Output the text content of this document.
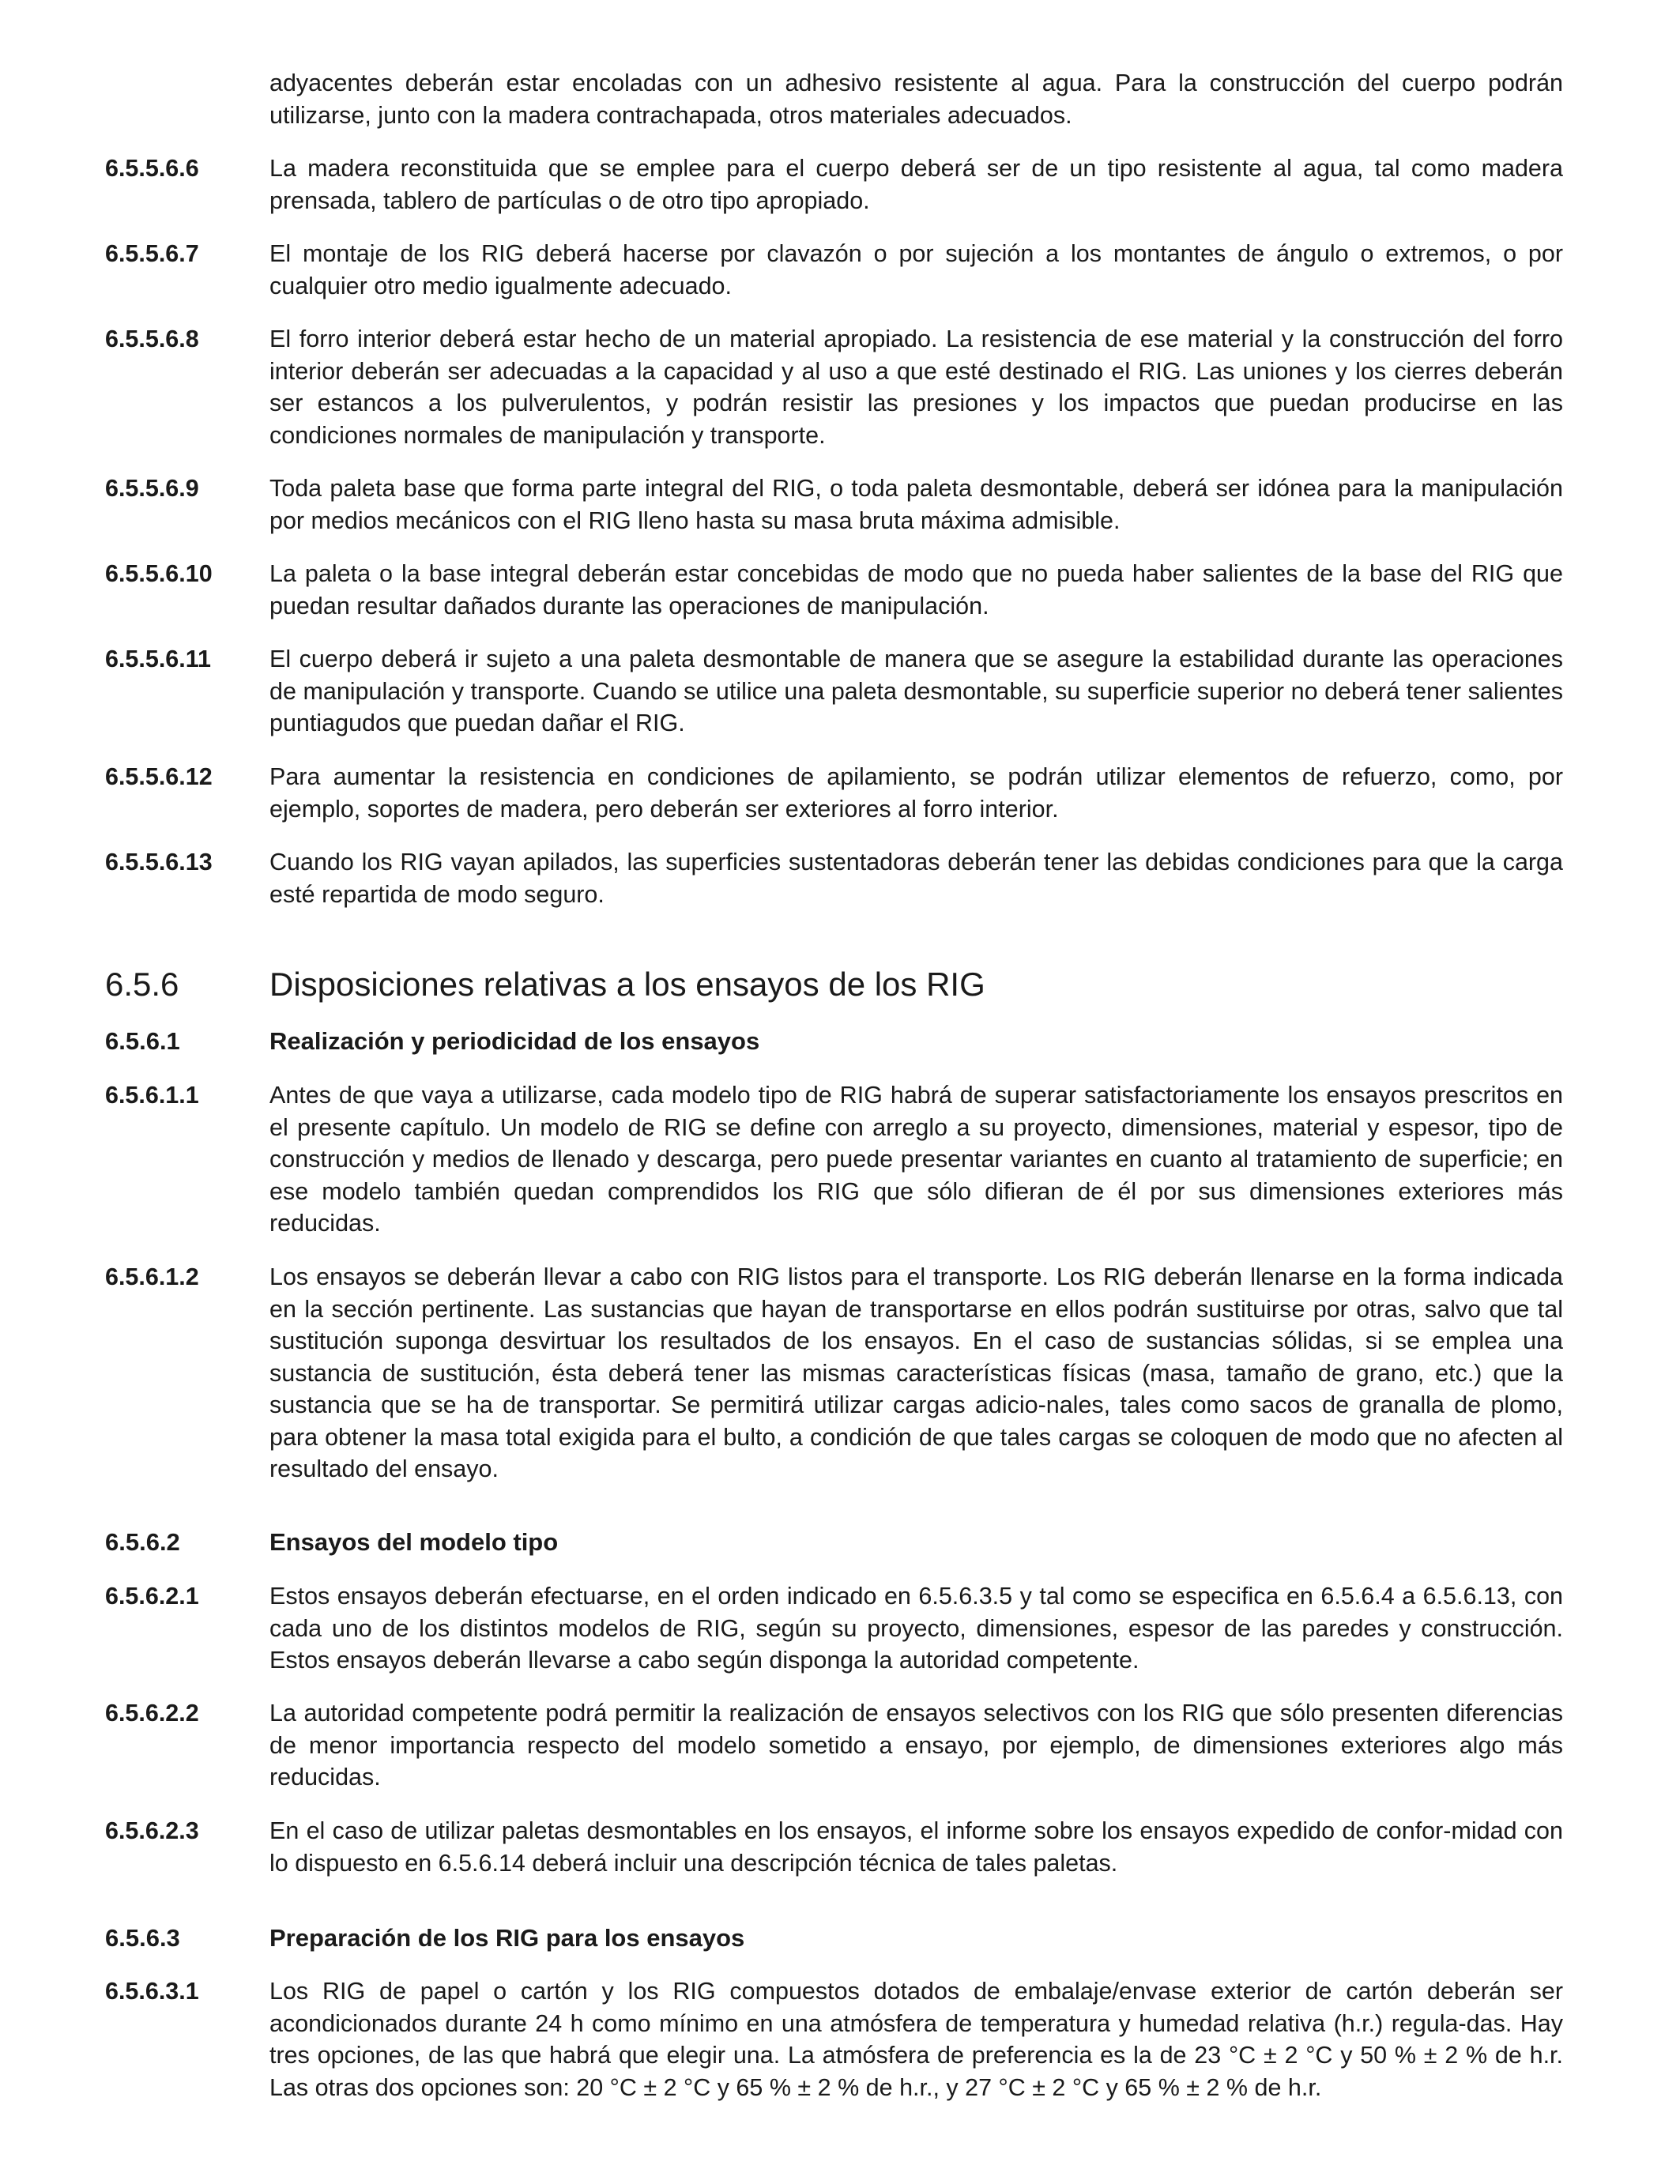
adyacentes deberán estar encoladas con un adhesivo resistente al agua. Para la construcción del cuerpo podrán utilizarse, junto con la madera contrachapada, otros materiales adecuados.
6.5.5.6.6	La madera reconstituida que se emplee para el cuerpo deberá ser de un tipo resistente al agua, tal como madera prensada, tablero de partículas o de otro tipo apropiado.
6.5.5.6.7	El montaje de los RIG deberá hacerse por clavazón o por sujeción a los montantes de ángulo o extremos, o por cualquier otro medio igualmente adecuado.
6.5.5.6.8	El forro interior deberá estar hecho de un material apropiado. La resistencia de ese material y la construcción del forro interior deberán ser adecuadas a la capacidad y al uso a que esté destinado el RIG. Las uniones y los cierres deberán ser estancos a los pulverulentos, y podrán resistir las presiones y los impactos que puedan producirse en las condiciones normales de manipulación y transporte.
6.5.5.6.9	Toda paleta base que forma parte integral del RIG, o toda paleta desmontable, deberá ser idónea para la manipulación por medios mecánicos con el RIG lleno hasta su masa bruta máxima admisible.
6.5.5.6.10	La paleta o la base integral deberán estar concebidas de modo que no pueda haber salientes de la base del RIG que puedan resultar dañados durante las operaciones de manipulación.
6.5.5.6.11	El cuerpo deberá ir sujeto a una paleta desmontable de manera que se asegure la estabilidad durante las operaciones de manipulación y transporte. Cuando se utilice una paleta desmontable, su superficie superior no deberá tener salientes puntiagudos que puedan dañar el RIG.
6.5.5.6.12	Para aumentar la resistencia en condiciones de apilamiento, se podrán utilizar elementos de refuerzo, como, por ejemplo, soportes de madera, pero deberán ser exteriores al forro interior.
6.5.5.6.13	Cuando los RIG vayan apilados, las superficies sustentadoras deberán tener las debidas condiciones para que la carga esté repartida de modo seguro.
6.5.6	Disposiciones relativas a los ensayos de los RIG
6.5.6.1	Realización y periodicidad de los ensayos
6.5.6.1.1	Antes de que vaya a utilizarse, cada modelo tipo de RIG habrá de superar satisfactoriamente los ensayos prescritos en el presente capítulo. Un modelo de RIG se define con arreglo a su proyecto, dimensiones, material y espesor, tipo de construcción y medios de llenado y descarga, pero puede presentar variantes en cuanto al tratamiento de superficie; en ese modelo también quedan comprendidos los RIG que sólo difieran de él por sus dimensiones exteriores más reducidas.
6.5.6.1.2	Los ensayos se deberán llevar a cabo con RIG listos para el transporte. Los RIG deberán llenarse en la forma indicada en la sección pertinente. Las sustancias que hayan de transportarse en ellos podrán sustituirse por otras, salvo que tal sustitución suponga desvirtuar los resultados de los ensayos. En el caso de sustancias sólidas, si se emplea una sustancia de sustitución, ésta deberá tener las mismas características físicas (masa, tamaño de grano, etc.) que la sustancia que se ha de transportar. Se permitirá utilizar cargas adicio-nales, tales como sacos de granalla de plomo, para obtener la masa total exigida para el bulto, a condición de que tales cargas se coloquen de modo que no afecten al resultado del ensayo.
6.5.6.2	Ensayos del modelo tipo
6.5.6.2.1	Estos ensayos deberán efectuarse, en el orden indicado en 6.5.6.3.5 y tal como se especifica en 6.5.6.4 a 6.5.6.13, con cada uno de los distintos modelos de RIG, según su proyecto, dimensiones, espesor de las paredes y construcción. Estos ensayos deberán llevarse a cabo según disponga la autoridad competente.
6.5.6.2.2	La autoridad competente podrá permitir la realización de ensayos selectivos con los RIG que sólo presenten diferencias de menor importancia respecto del modelo sometido a ensayo, por ejemplo, de dimensiones exteriores algo más reducidas.
6.5.6.2.3	En el caso de utilizar paletas desmontables en los ensayos, el informe sobre los ensayos expedido de confor-midad con lo dispuesto en 6.5.6.14 deberá incluir una descripción técnica de tales paletas.
6.5.6.3	Preparación de los RIG para los ensayos
6.5.6.3.1	Los RIG de papel o cartón y los RIG compuestos dotados de embalaje/envase exterior de cartón deberán ser acondicionados durante 24 h como mínimo en una atmósfera de temperatura y humedad relativa (h.r.) regula-das. Hay tres opciones, de las que habrá que elegir una. La atmósfera de preferencia es la de 23 °C ± 2 °C y 50 % ± 2 % de h.r. Las otras dos opciones son: 20 °C ± 2 °C y 65 % ± 2 % de h.r., y 27 °C ± 2 °C y 65 % ± 2 % de h.r.
